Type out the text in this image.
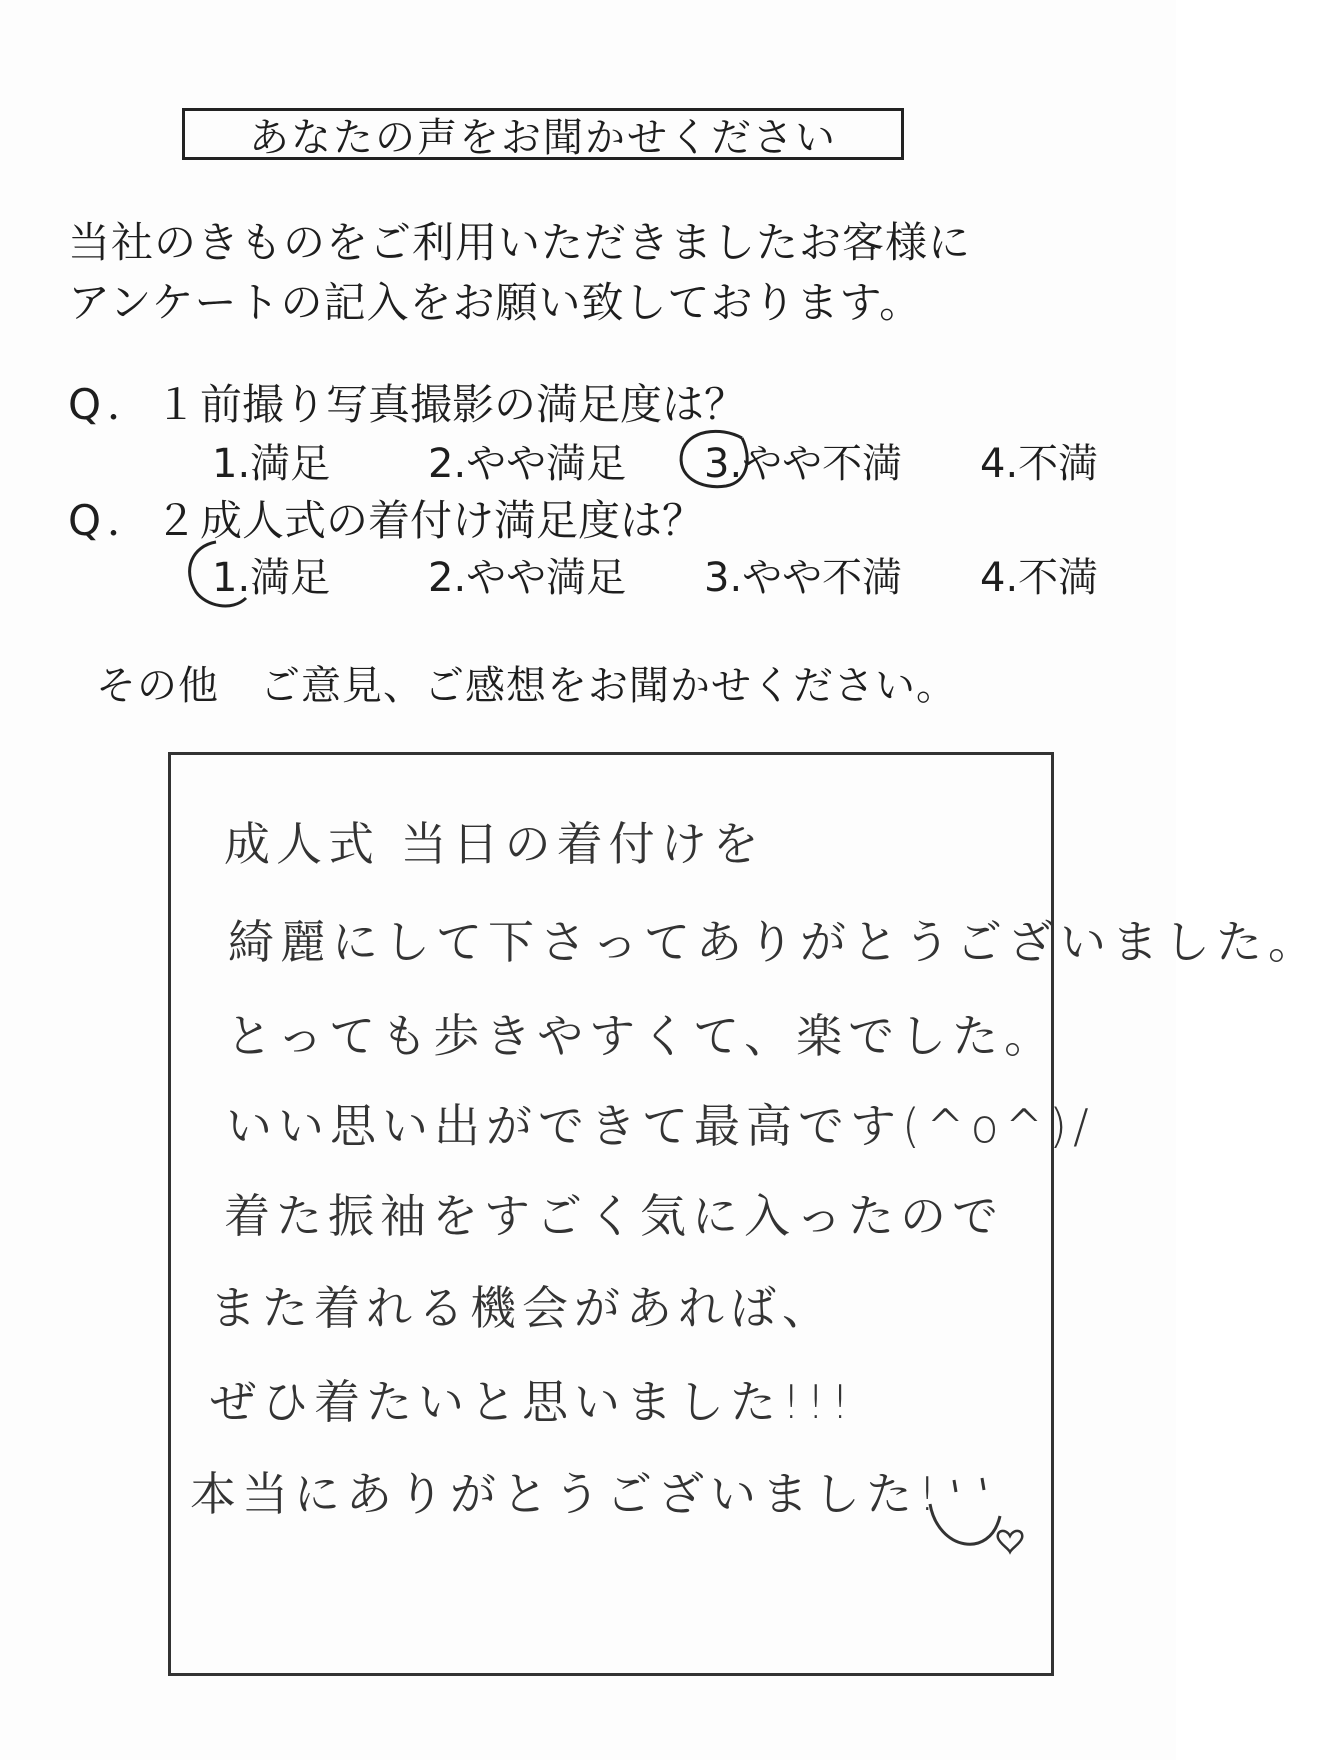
あなたの声をお聞かせください
当社のきものをご利用いただきましたお客様に
アンケートの記入をお願い致しております。
Q．１前撮り写真撮影の満足度は？
1.満足 2.やや満足 3.やや不満 4.不満
Q．２成人式の着付け満足度は？
1.満足 2.やや満足 3.やや不満 4.不満
その他　ご意見、ご感想をお聞かせください。
成人式 当日の着付けを
綺麗にして下さってありがとうございました。
とっても歩きやすくて、楽でした。
いい思い出ができて最高です(^o^)/
着た振袖をすごく気に入ったので
また着れる機会があれば、
ぜひ着たいと思いました!!!
本当にありがとうございました!
